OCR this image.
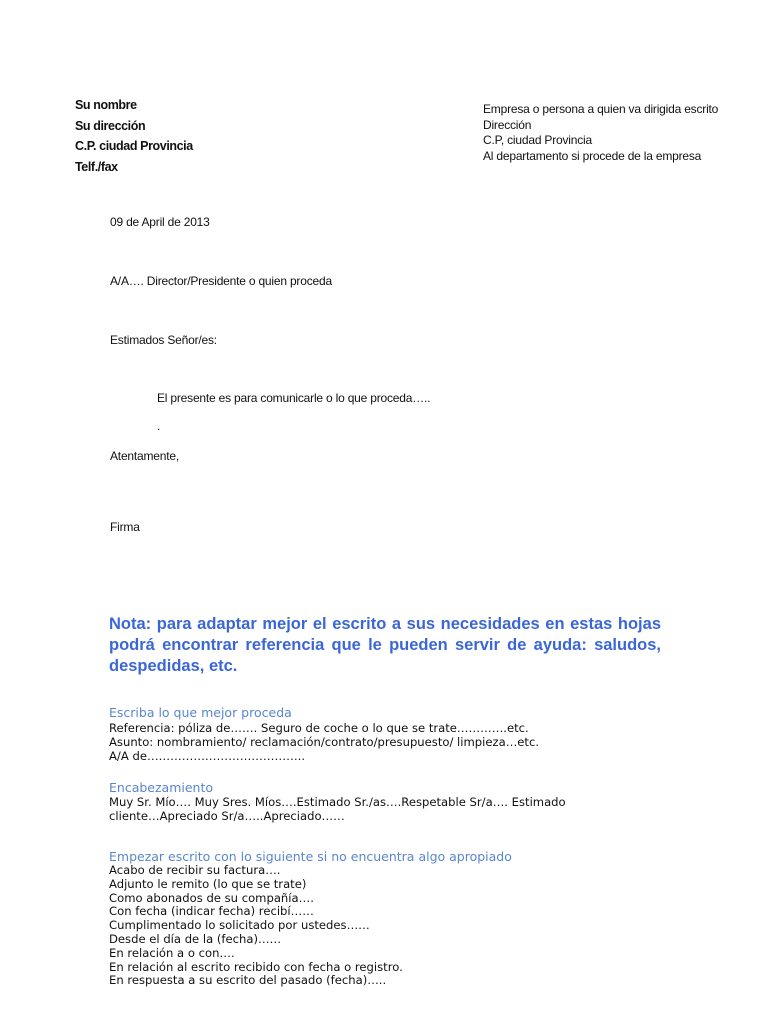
Su nombre
Su dirección
C.P. ciudad Provincia
Telf./fax
Empresa o persona a quien va dirigida escrito
Dirección
C.P, ciudad Provincia
Al departamento si procede de la empresa
09 de April de 2013
A/A…. Director/Presidente o quien proceda
Estimados Señor/es:
El presente es para comunicarle o lo que proceda…..
.
Atentamente,
Firma
Nota: para adaptar mejor el escrito a sus necesidades en estas hojas podrá encontrar referencia que le pueden servir de ayuda: saludos, despedidas, etc.
Escriba lo que mejor proceda
Referencia: póliza de……. Seguro de coche o lo que se trate………….etc.
Asunto: nombramiento/ reclamación/contrato/presupuesto/ limpieza…etc.
A/A de…………………………………..
Encabezamiento
Muy Sr. Mío…. Muy Sres. Míos….Estimado Sr./as….Respetable Sr/a…. Estimado
cliente…Apreciado Sr/a…..Apreciado……
Empezar escrito con lo siguiente si no encuentra algo apropiado
Acabo de recibir su factura….
Adjunto le remito (lo que se trate)
Como abonados de su compañía….
Con fecha (indicar fecha) recibí……
Cumplimentado lo solicitado por ustedes……
Desde el día de la (fecha)……
En relación a o con….
En relación al escrito recibido con fecha o registro.
En respuesta a su escrito del pasado (fecha)…..
